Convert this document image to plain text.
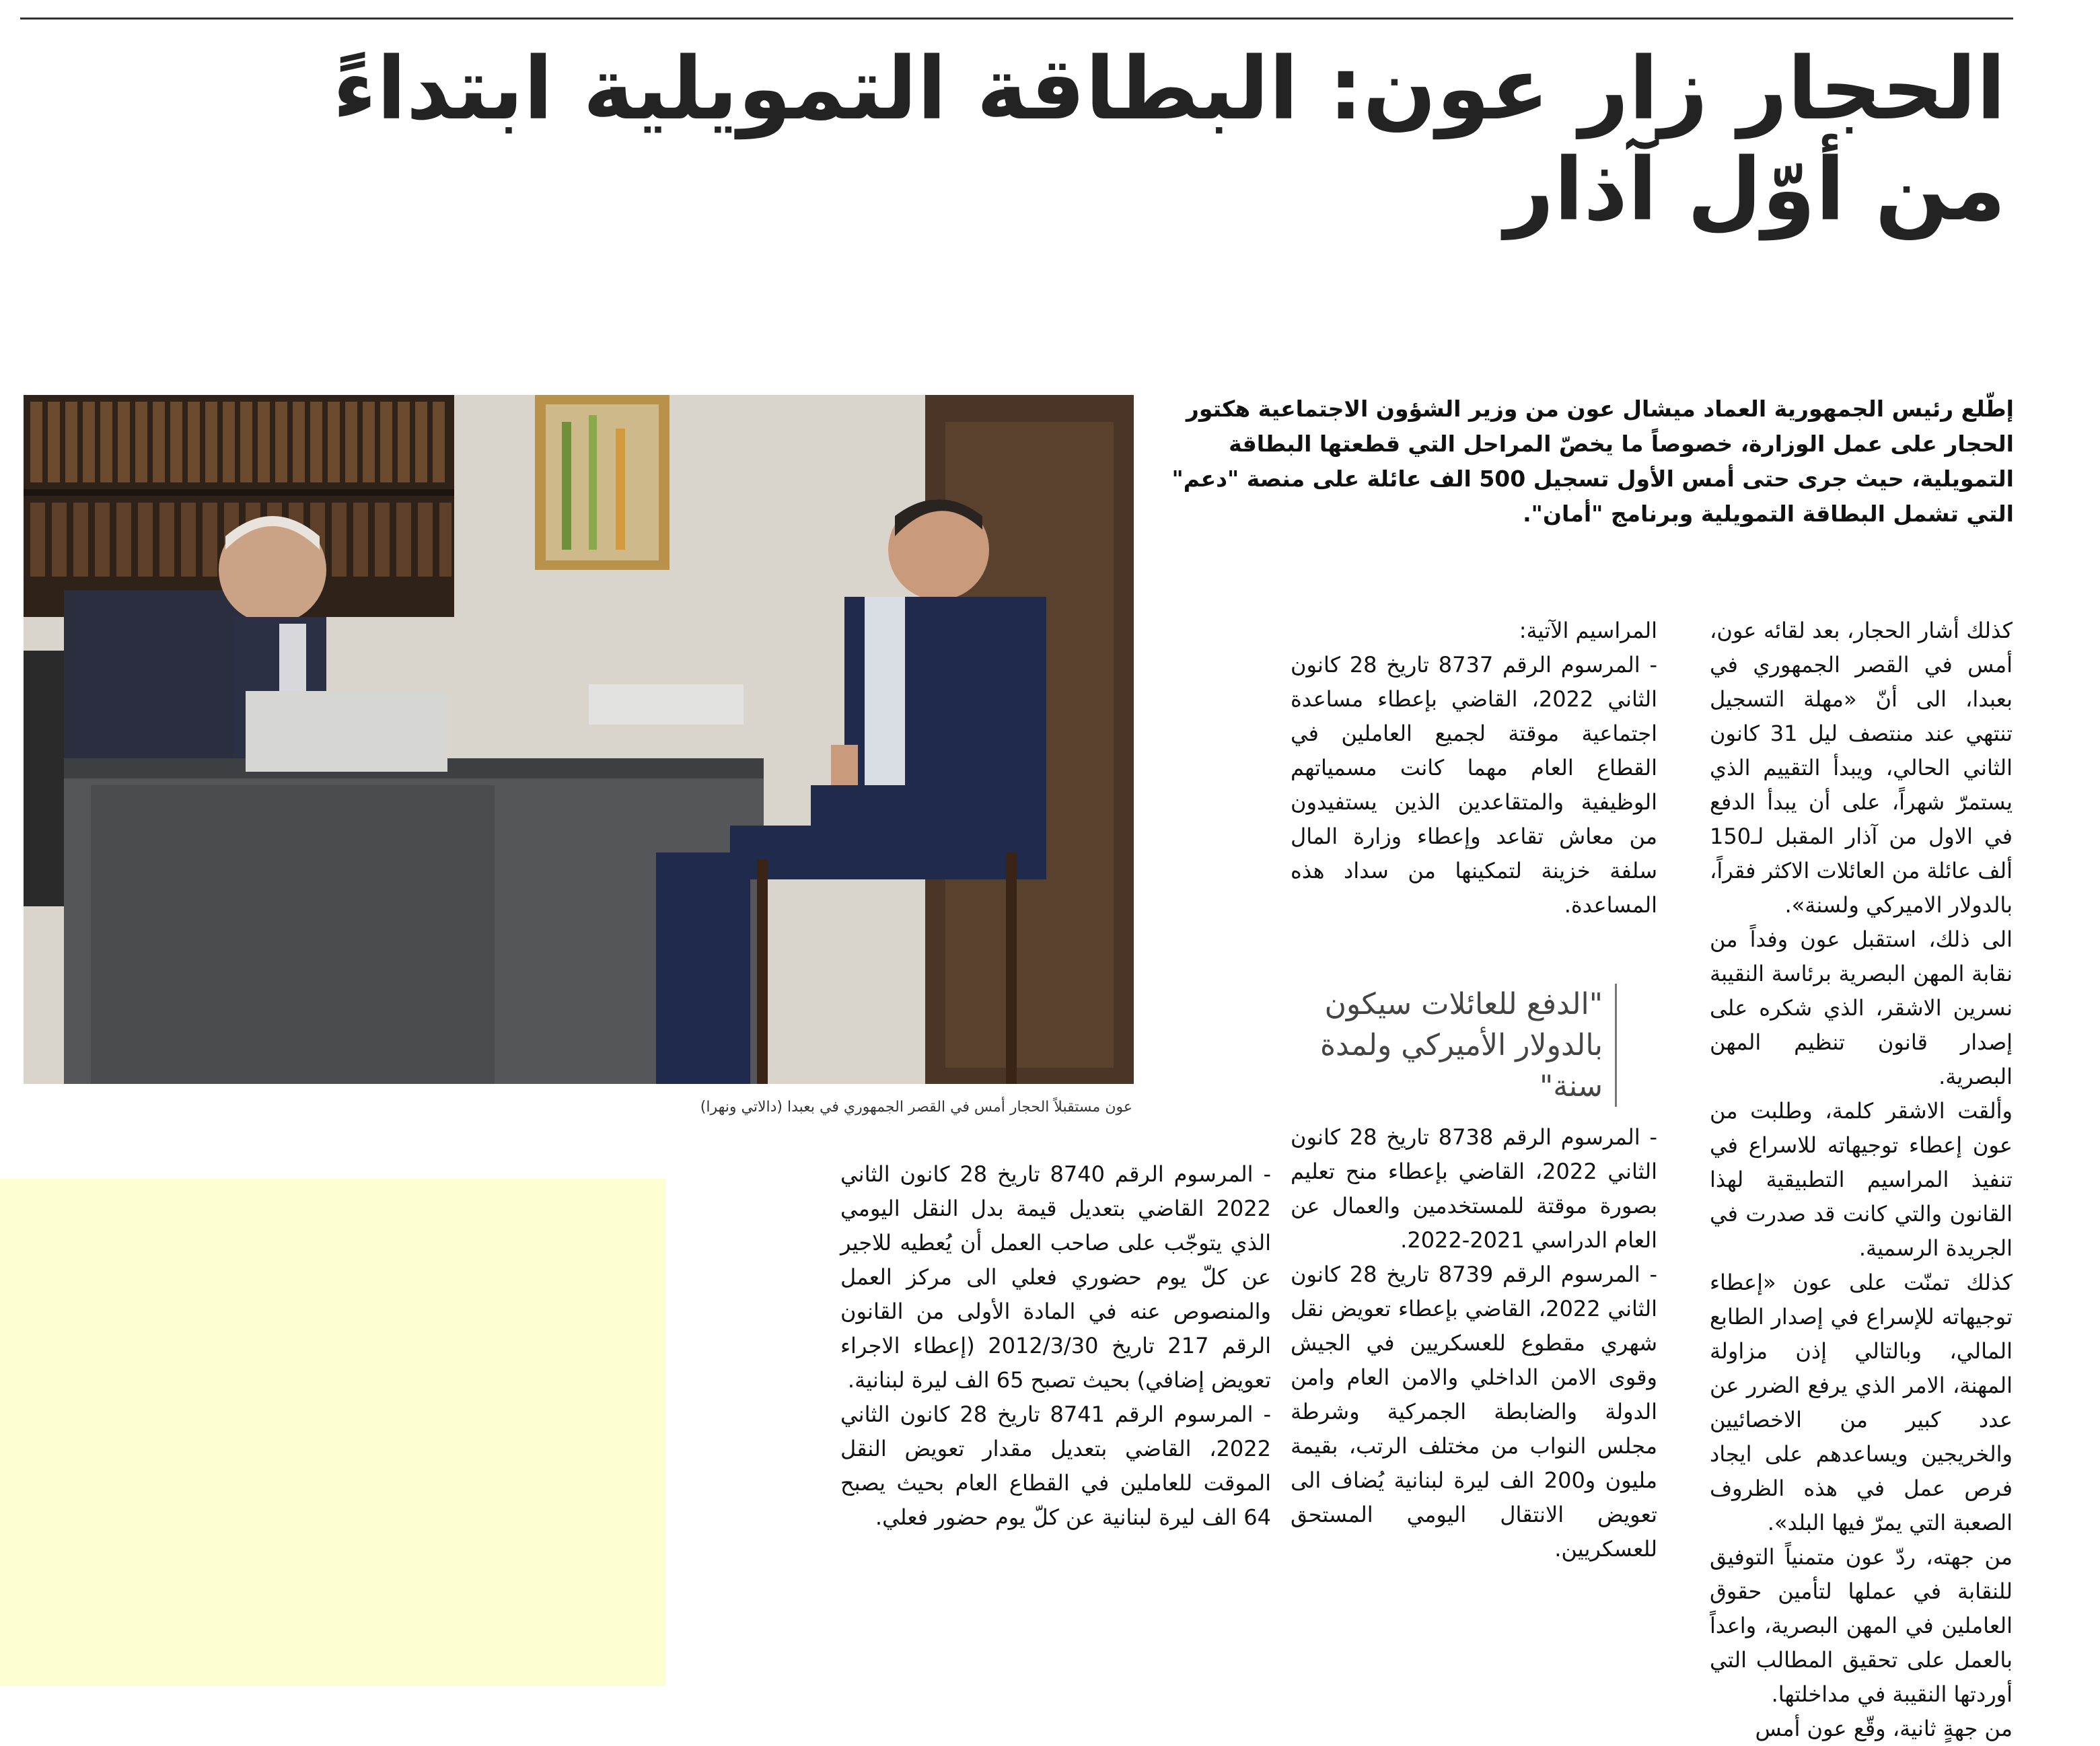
الحجار زار عون: البطاقة التمويلية ابتداءً من أوّل آذار

إطّلع رئيس الجمهورية العماد ميشال عون من وزير الشؤون الاجتماعية هكتور الحجار على عمل الوزارة، خصوصاً ما يخصّ المراحل التي قطعتها البطاقة التمويلية، حيث جرى حتى أمس الأول تسجيل 500 الف عائلة على منصة "دعم" التي تشمل البطاقة التمويلية وبرنامج "أمان".

عون مستقبلاً الحجار أمس في القصر الجمهوري في بعبدا (دالاتي ونهرا)
"الدفع للعائلات سيكون بالدولار الأميركي ولمدة سنة"

كذلك أشار الحجار، بعد لقائه عون، أمس في القصر الجمهوري في بعبدا، الى أنّ «مهلة التسجيل تنتهي عند منتصف ليل 31 كانون الثاني الحالي، ويبدأ التقييم الذي يستمرّ شهراً، على أن يبدأ الدفع في الاول من آذار المقبل لـ150 ألف عائلة من العائلات الاكثر فقراً، بالدولار الاميركي ولسنة».

الى ذلك، استقبل عون وفداً من نقابة المهن البصرية برئاسة النقيبة نسرين الاشقر، الذي شكره على إصدار قانون تنظيم المهن البصرية.

وألقت الاشقر كلمة، وطلبت من عون إعطاء توجيهاته للاسراع في تنفيذ المراسيم التطبيقية لهذا القانون والتي كانت قد صدرت في الجريدة الرسمية.

كذلك تمنّت على عون «إعطاء توجيهاته للإسراع في إصدار الطابع المالي، وبالتالي إذن مزاولة المهنة، الامر الذي يرفع الضرر عن عدد كبير من الاخصائيين والخريجين ويساعدهم على ايجاد فرص عمل في هذه الظروف الصعبة التي يمرّ فيها البلد».

من جهته، ردّ عون متمنياً التوفيق للنقابة في عملها لتأمين حقوق العاملين في المهن البصرية، واعداً بالعمل على تحقيق المطالب التي أوردتها النقيبة في مداخلتها.

من جهةٍ ثانية، وقّع عون أمس

المراسيم الآتية:

- المرسوم الرقم 8737 تاريخ 28 كانون الثاني 2022، القاضي بإعطاء مساعدة اجتماعية موقتة لجميع العاملين في القطاع العام مهما كانت مسمياتهم الوظيفية والمتقاعدين الذين يستفيدون من معاش تقاعد وإعطاء وزارة المال سلفة خزينة لتمكينها من سداد هذه المساعدة.

- المرسوم الرقم 8738 تاريخ 28 كانون الثاني 2022، القاضي بإعطاء منح تعليم بصورة موقتة للمستخدمين والعمال عن العام الدراسي 2021-2022.

- المرسوم الرقم 8739 تاريخ 28 كانون الثاني 2022، القاضي بإعطاء تعويض نقل شهري مقطوع للعسكريين في الجيش وقوى الامن الداخلي والامن العام وامن الدولة والضابطة الجمركية وشرطة مجلس النواب من مختلف الرتب، بقيمة مليون و200 الف ليرة لبنانية يُضاف الى تعويض الانتقال اليومي المستحق للعسكريين.

- المرسوم الرقم 8740 تاريخ 28 كانون الثاني 2022 القاضي بتعديل قيمة بدل النقل اليومي الذي يتوجّب على صاحب العمل أن يُعطيه للاجير عن كلّ يوم حضوري فعلي الى مركز العمل والمنصوص عنه في المادة الأولى من القانون الرقم 217 تاريخ 2012/3/30 (إعطاء الاجراء تعويض إضافي) بحيث تصبح 65 الف ليرة لبنانية.

- المرسوم الرقم 8741 تاريخ 28 كانون الثاني 2022، القاضي بتعديل مقدار تعويض النقل الموقت للعاملين في القطاع العام بحيث يصبح 64 الف ليرة لبنانية عن كلّ يوم حضور فعلي.
